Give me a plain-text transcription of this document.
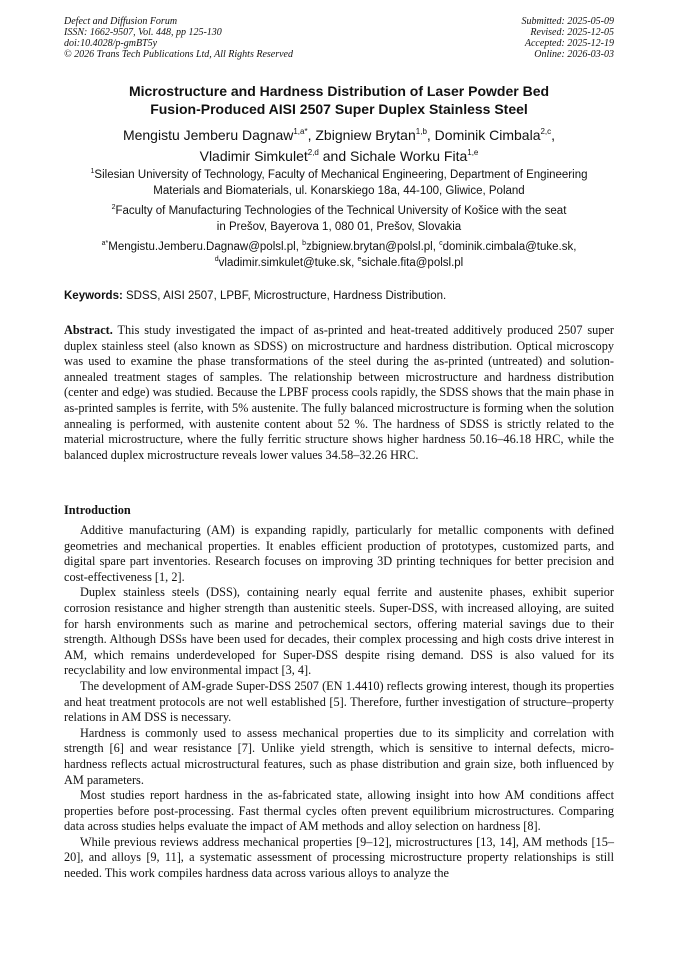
Defect and Diffusion Forum
ISSN: 1662-9507, Vol. 448, pp 125-130
doi:10.4028/p-gmBT5y
© 2026 Trans Tech Publications Ltd, All Rights Reserved
Submitted: 2025-05-09
Revised: 2025-12-05
Accepted: 2025-12-19
Online: 2026-03-03
Microstructure and Hardness Distribution of Laser Powder Bed
Fusion-Produced AISI 2507 Super Duplex Stainless Steel
Mengistu Jemberu Dagnaw$^{1,a*}$, Zbigniew Brytan$^{1,b}$, Dominik Cimbala$^{2,c}$,
Vladimir Simkulet$^{2,d}$ and Sichale Worku Fita$^{1,e}$
$^1$Silesian University of Technology, Faculty of Mechanical Engineering, Department of Engineering
Materials and Biomaterials, ul. Konarskiego 18a, 44-100, Gliwice, Poland
$^2$Faculty of Manufacturing Technologies of the Technical University of Košice with the seat
in Prešov, Bayerova 1, 080 01, Prešov, Slovakia
$^{a*}$Mengistu.Jemberu.Dagnaw@polsl.pl, $^b$zbigniew.brytan@polsl.pl, $^c$dominik.cimbala@tuke.sk,
$^d$vladimir.simkulet@tuke.sk, $^e$sichale.fita@polsl.pl
Keywords: SDSS, AISI 2507, LPBF, Microstructure, Hardness Distribution.
Abstract. This study investigated the impact of as-printed and heat-treated additively produced 2507 super duplex stainless steel (also known as SDSS) on microstructure and hardness distribution. Optical microscopy was used to examine the phase transformations of the steel during the as-printed (untreated) and solution-annealed treatment stages of samples. The relationship between microstructure and hardness distribution (center and edge) was studied. Because the LPBF process cools rapidly, the SDSS shows that the main phase in as-printed samples is ferrite, with 5% austenite. The fully balanced microstructure is forming when the solution annealing is performed, with austenite content about 52 %. The hardness of SDSS is strictly related to the material microstructure, where the fully ferritic structure shows higher hardness 50.16–46.18 HRC, while the balanced duplex microstructure reveals lower values 34.58–32.26 HRC.
Introduction

Additive manufacturing (AM) is expanding rapidly, particularly for metallic components with defined geometries and mechanical properties. It enables efficient production of prototypes, customized parts, and digital spare part inventories. Research focuses on improving 3D printing techniques for better precision and cost-effectiveness [1, 2].

Duplex stainless steels (DSS), containing nearly equal ferrite and austenite phases, exhibit superior corrosion resistance and higher strength than austenitic steels. Super-DSS, with increased alloying, are suited for harsh environments such as marine and petrochemical sectors, offering material savings due to their strength. Although DSSs have been used for decades, their complex processing and high costs drive interest in AM, which remains underdeveloped for Super-DSS despite rising demand. DSS is also valued for its recyclability and low environmental impact [3, 4].

The development of AM-grade Super-DSS 2507 (EN 1.4410) reflects growing interest, though its properties and heat treatment protocols are not well established [5]. Therefore, further investigation of structure–property relations in AM DSS is necessary.

Hardness is commonly used to assess mechanical properties due to its simplicity and correlation with strength [6] and wear resistance [7]. Unlike yield strength, which is sensitive to internal defects, micro-hardness reflects actual microstructural features, such as phase distribution and grain size, both influenced by AM parameters.

Most studies report hardness in the as-fabricated state, allowing insight into how AM conditions affect properties before post-processing. Fast thermal cycles often prevent equilibrium microstructures. Comparing data across studies helps evaluate the impact of AM methods and alloy selection on hardness [8].

While previous reviews address mechanical properties [9–12], microstructures [13, 14], AM methods [15–20], and alloys [9, 11], a systematic assessment of processing microstructure property relationships is still needed. This work compiles hardness data across various alloys to analyze the
